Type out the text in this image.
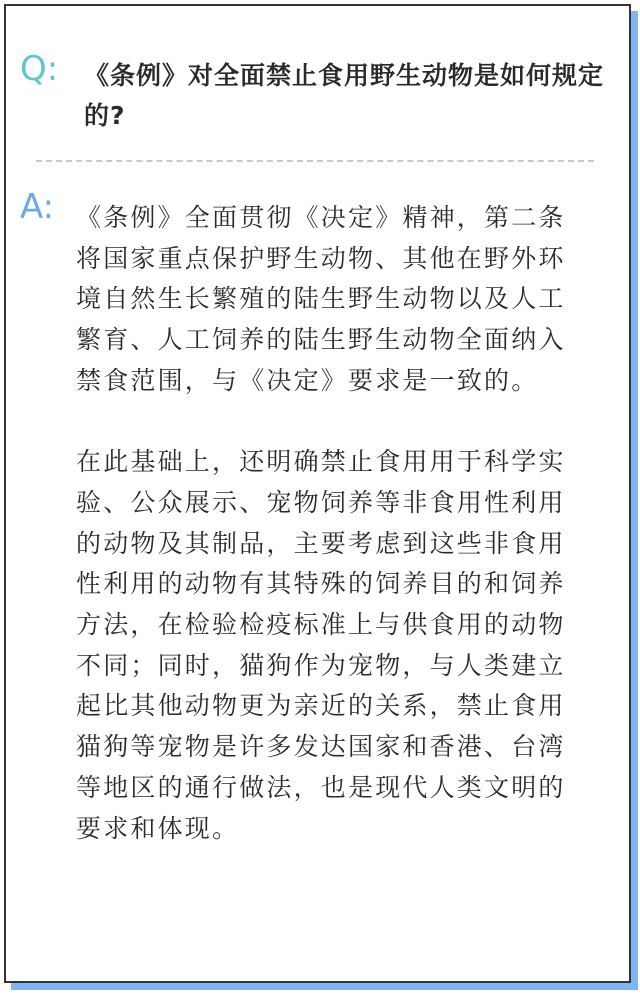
Q: 《条例》对全面禁止食用野生动物是如何规定的?
A: 《条例》全面贯彻《决定》精神，第二条
将国家重点保护野生动物、其他在野外环
境自然生长繁殖的陆生野生动物以及人工
繁育、人工饲养的陆生野生动物全面纳入
禁食范围，与《决定》要求是一致的。

在此基础上，还明确禁止食用用于科学实
验、公众展示、宠物饲养等非食用性利用
的动物及其制品，主要考虑到这些非食用
性利用的动物有其特殊的饲养目的和饲养
方法，在检验检疫标准上与供食用的动物
不同；同时，猫狗作为宠物，与人类建立
起比其他动物更为亲近的关系，禁止食用
猫狗等宠物是许多发达国家和香港、台湾
等地区的通行做法，也是现代人类文明的
要求和体现。
